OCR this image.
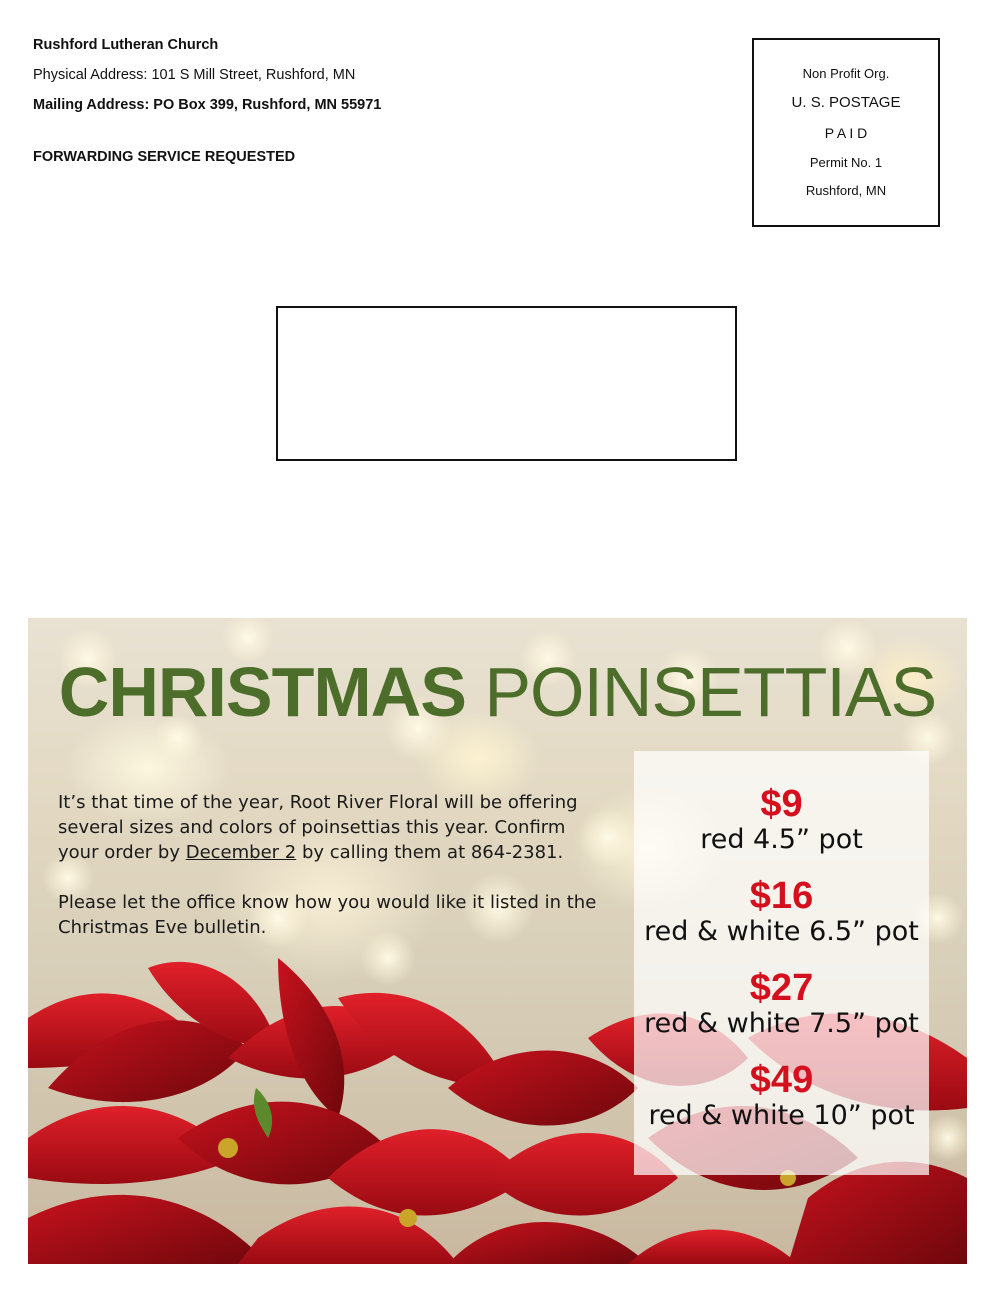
Rushford Lutheran Church
Physical Address: 101 S Mill Street, Rushford, MN
Mailing Address: PO Box 399, Rushford, MN 55971
FORWARDING SERVICE REQUESTED
Non Profit Org.
U. S. POSTAGE
P A I D
Permit No. 1
Rushford, MN
CHRISTMAS POINSETTIAS

It’s that time of the year, Root River Floral will be offering several sizes and colors of poinsettias this year. Confirm your order by December 2 by calling them at 864-2381.

Please let the office know how you would like it listed in the Christmas Eve bulletin.

$9
red 4.5” pot
$16
red & white 6.5” pot
$27
red & white 7.5” pot
$49
red & white 10” pot
